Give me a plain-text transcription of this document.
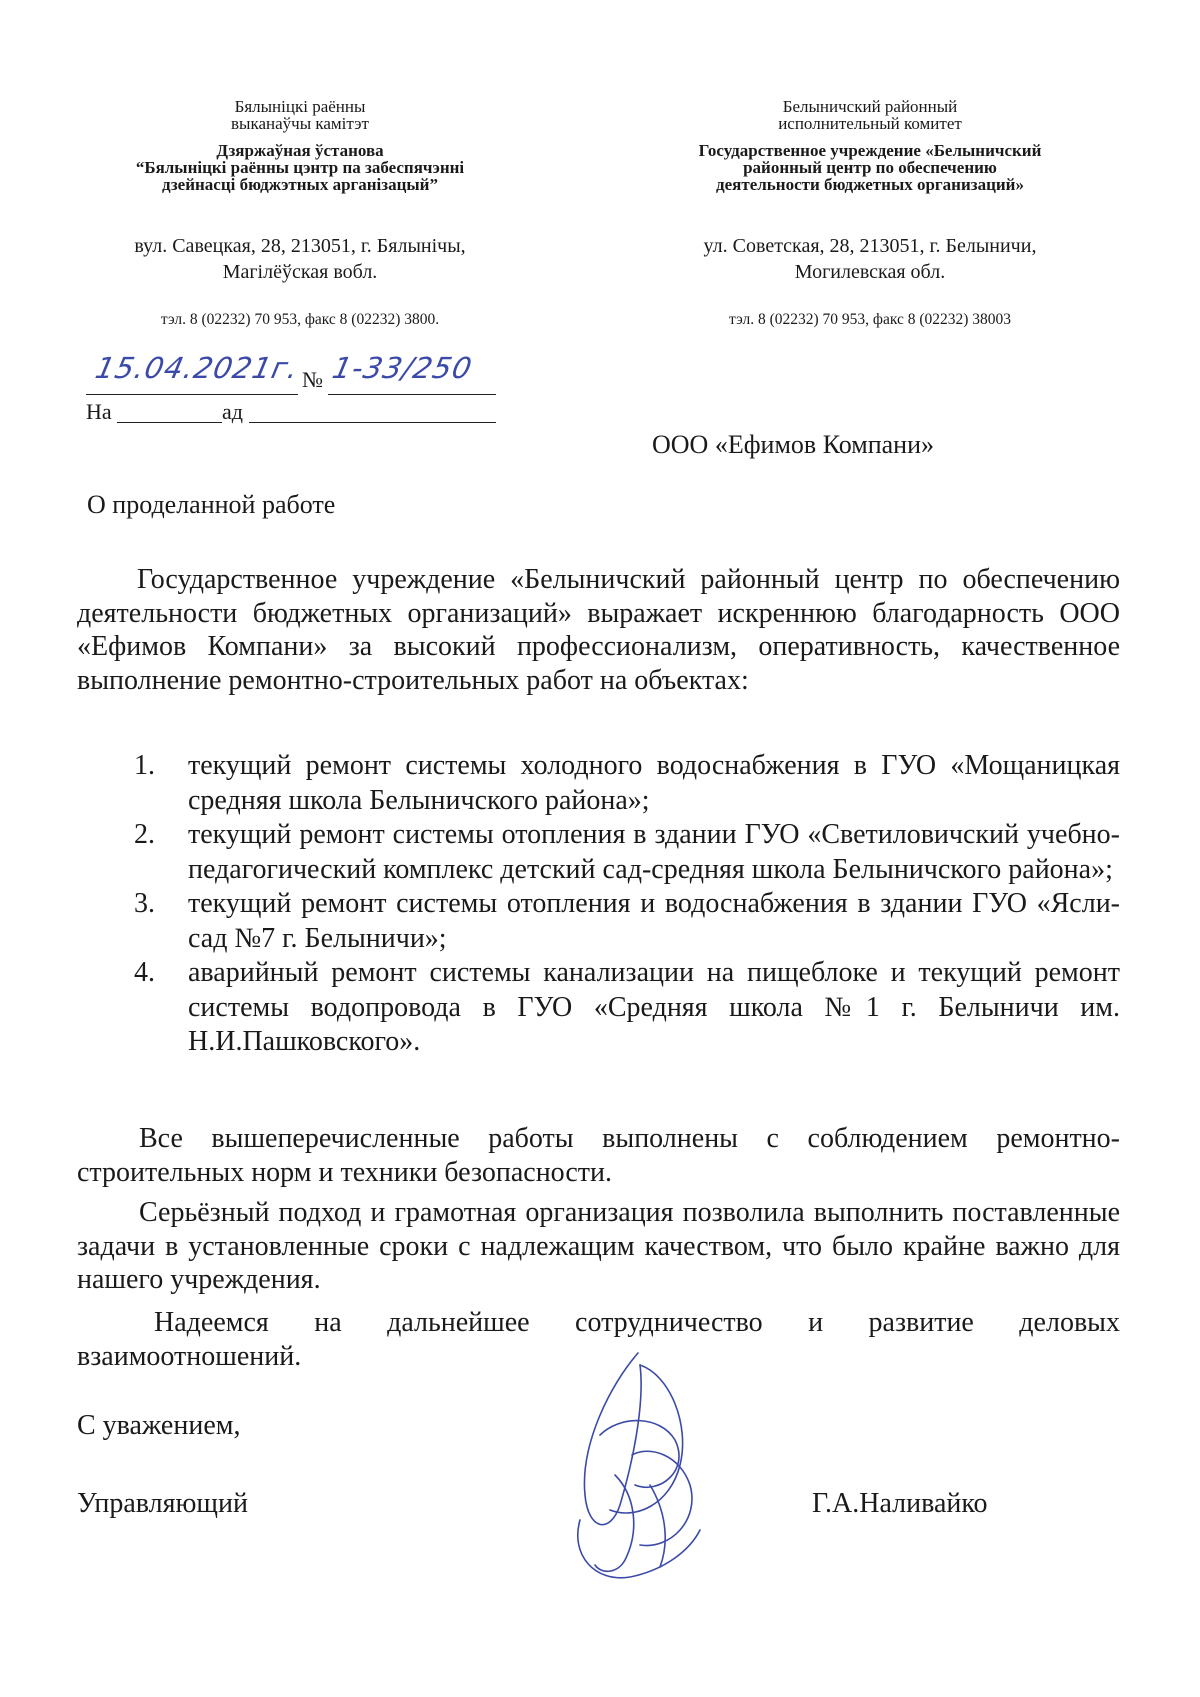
Бялыніцкі раённы

выканаўчы камітэт

Дзяржаўная ўстанова

“Бялыніцкі раённы цэнтр па забеспячэнні

дзейнасці бюджэтных арганізацый”

вул. Савецкая, 28, 213051, г. Бялынічы,
Магілёўская вобл.
тэл. 8 (02232) 70 953, факс 8 (02232) 3800.

Белыничский районный

исполнительный комитет

Государственное учреждение «Белыничский

районный центр по обеспечению

деятельности бюджетных организаций»

ул. Советская, 28, 213051, г. Белыничи,
Могилевская обл.
тэл. 8 (02232) 70 953, факс 8 (02232) 38003
15.04.2021г. № 1-33/250
На	ад
ООО «Ефимов Компани»
О проделанной работе
Государственное учреждение «Белыничский районный центр по обеспечению деятельности бюджетных организаций» выражает искреннюю благодарность ООО «Ефимов Компани» за высокий профессионализм, оперативность, качественное выполнение ремонтно-строительных работ на объектах:
1. текущий ремонт системы холодного водоснабжения в ГУО «Мощаницкая средняя школа Белыничского района»;
2. текущий ремонт системы отопления в здании ГУО «Светиловичский учебно-педагогический комплекс детский сад-средняя школа Белыничского района»;
3. текущий ремонт системы отопления и водоснабжения в здании ГУО «Ясли-сад №7 г. Белыничи»;
4. аварийный ремонт системы канализации на пищеблоке и текущий ремонт системы водопровода в ГУО «Средняя школа №1 г. Белыничи им. Н.И.Пашковского».
Все вышеперечисленные работы выполнены с соблюдением ремонтно-строительных норм и техники безопасности.
Серьёзный подход и грамотная организация позволила выполнить поставленные задачи в установленные сроки с надлежащим качеством, что было крайне важно для нашего учреждения.
Надеемся на дальнейшее сотрудничество и развитие деловых взаимоотношений.
С уважением,
Управляющий	Г.А.Наливайко
